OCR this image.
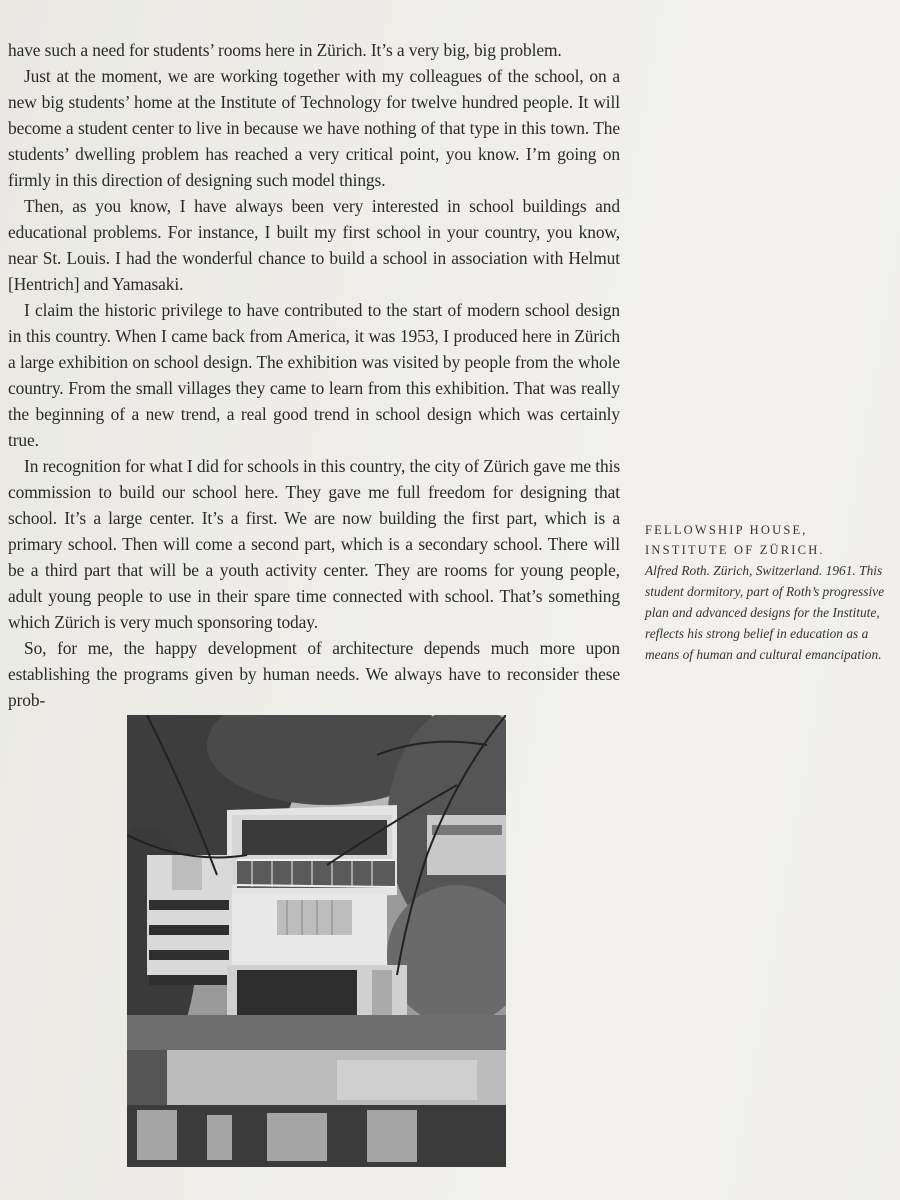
have such a need for students’ rooms here in Zürich. It’s a very big, big problem.

Just at the moment, we are working together with my colleagues of the school, on a new big students’ home at the Institute of Technology for twelve hundred people. It will become a student center to live in because we have nothing of that type in this town. The students’ dwelling problem has reached a very critical point, you know. I’m going on firmly in this direction of designing such model things.

Then, as you know, I have always been very interested in school buildings and educational problems. For instance, I built my first school in your country, you know, near St. Louis. I had the wonderful chance to build a school in association with Helmut [Hentrich] and Yamasaki.

I claim the historic privilege to have contributed to the start of modern school design in this country. When I came back from America, it was 1953, I produced here in Zürich a large exhibition on school design. The exhibition was visited by people from the whole country. From the small villages they came to learn from this exhibition. That was really the beginning of a new trend, a real good trend in school design which was certainly true.

In recognition for what I did for schools in this country, the city of Zürich gave me this commission to build our school here. They gave me full freedom for designing that school. It’s a large center. It’s a first. We are now building the first part, which is a primary school. Then will come a second part, which is a secondary school. There will be a third part that will be a youth activity center. They are rooms for young people, adult young people to use in their spare time connected with school. That’s something which Zürich is very much sponsoring today.

So, for me, the happy development of architecture depends much more upon establishing the programs given by human needs. We always have to reconsider these prob-

FELLOWSHIP HOUSE,

INSTITUTE OF ZÜRICH.

Alfred Roth. Zürich, Switzerland. 1961. This student dormitory, part of Roth’s progressive plan and advanced designs for the Institute, reflects his strong belief in education as a means of human and cultural emancipation.
